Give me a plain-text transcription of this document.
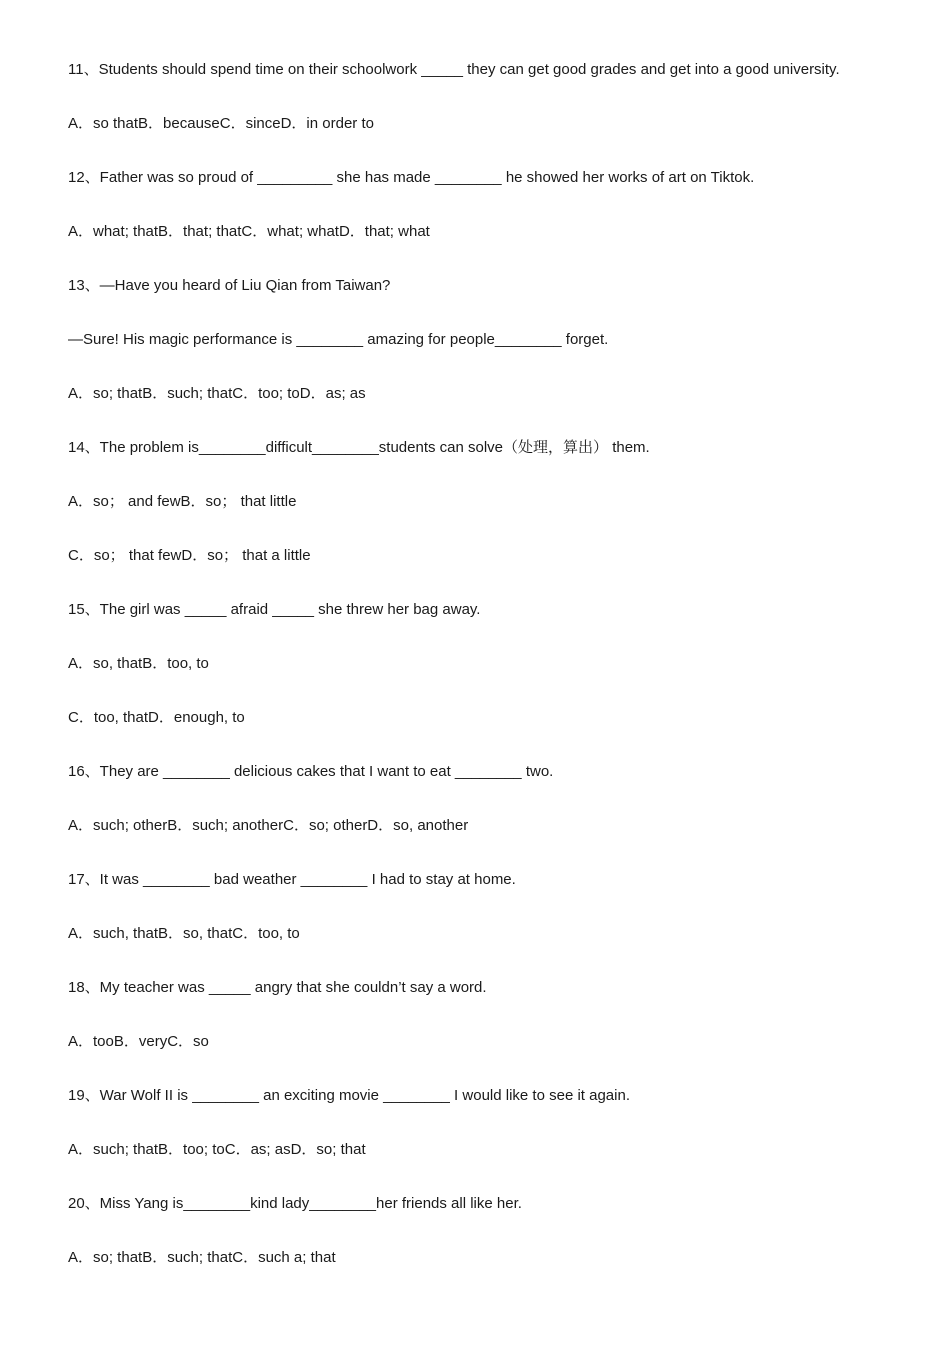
11、Students should spend time on their schoolwork _____ they can get good grades and get into a good university.
A．so thatB．becauseC．sinceD．in order to
12、Father was so proud of _________ she has made ________ he showed her works of art on Tiktok.
A．what; thatB．that; thatC．what; whatD．that; what
13、—Have you heard of Liu Qian from Taiwan?
—Sure! His magic performance is ________ amazing for people________ forget.
A．so; thatB．such; thatC．too; toD．as; as
14、The problem is________difficult________students can solve（处理，算出） them.
A．so； and fewB．so； that little
C．so； that fewD．so； that a little
15、The girl was _____ afraid _____ she threw her bag away.
A．so, thatB．too, to
C．too, thatD．enough, to
16、They are ________ delicious cakes that I want to eat ________ two.
A．such; otherB．such; anotherC．so; otherD．so, another
17、It was ________ bad weather ________ I had to stay at home.
A．such, thatB．so, thatC．too, to
18、My teacher was _____ angry that she couldn’t say a word.
A．tooB．veryC．so
19、War Wolf II is ________ an exciting movie ________ I would like to see it again.
A．such; thatB．too; toC．as; asD．so; that
20、Miss Yang is________kind lady________her friends all like her.
A．so; thatB．such; thatC．such a; that
